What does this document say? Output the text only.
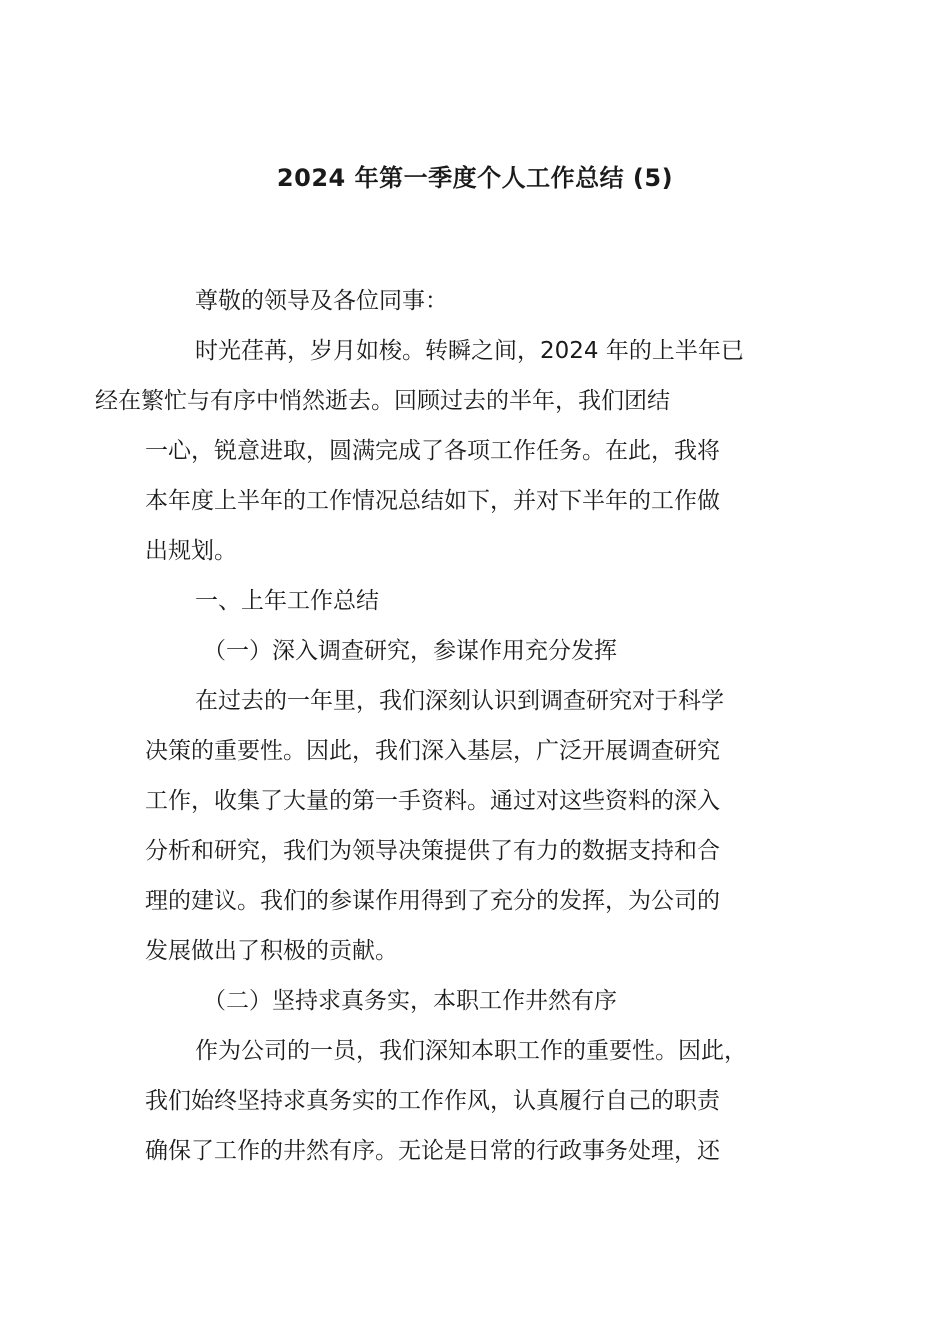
2024 年第一季度个人工作总结 (5)

尊敬的领导及各位同事：

时光荏苒，岁月如梭。转瞬之间，2024 年的上半年已
经在繁忙与有序中悄然逝去。回顾过去的半年，我们团结
一心，锐意进取，圆满完成了各项工作任务。在此，我将
本年度上半年的工作情况总结如下，并对下半年的工作做
出规划。

一、上年工作总结

（一）深入调查研究，参谋作用充分发挥

在过去的一年里，我们深刻认识到调查研究对于科学
决策的重要性。因此，我们深入基层，广泛开展调查研究
工作，收集了大量的第一手资料。通过对这些资料的深入
分析和研究，我们为领导决策提供了有力的数据支持和合
理的建议。我们的参谋作用得到了充分的发挥，为公司的
发展做出了积极的贡献。

（二）坚持求真务实，本职工作井然有序

作为公司的一员，我们深知本职工作的重要性。因此，
我们始终坚持求真务实的工作作风，认真履行自己的职责
确保了工作的井然有序。无论是日常的行政事务处理，还
